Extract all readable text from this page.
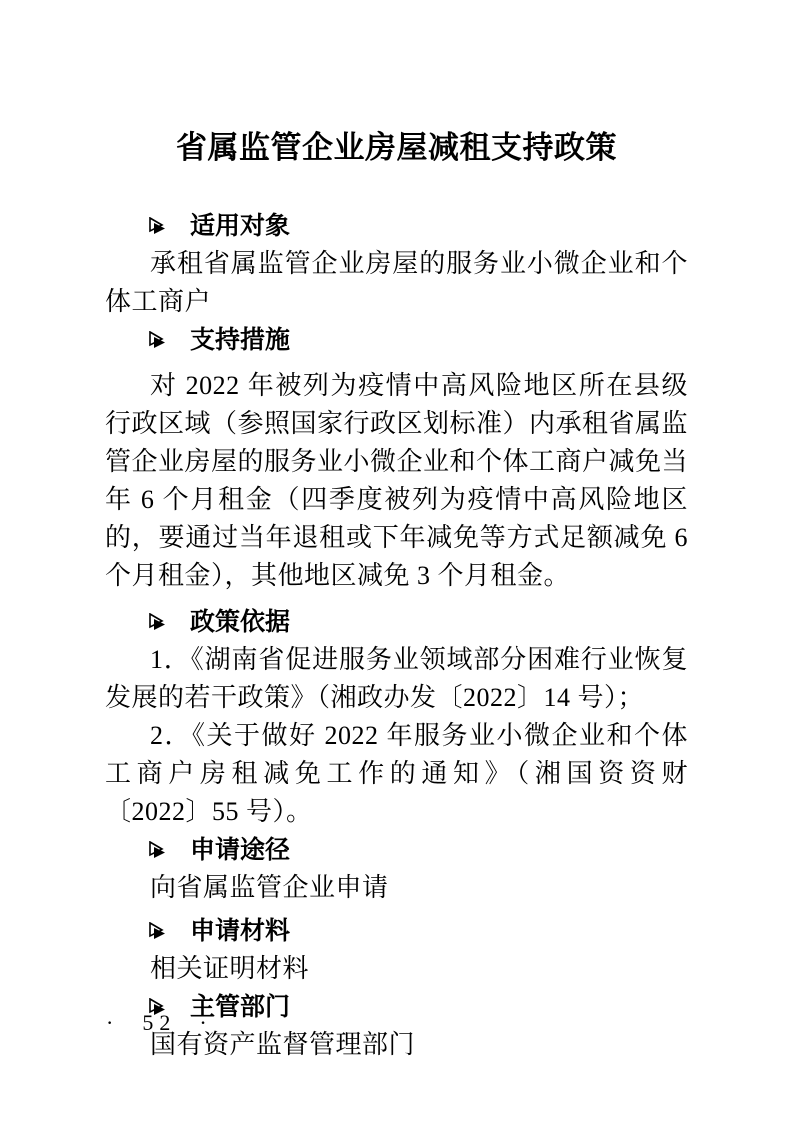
省属监管企业房屋减租支持政策
适用对象

承租省属监管企业房屋的服务业小微企业和个体工商户

支持措施

对 2022 年被列为疫情中高风险地区所在县级行政区域（参照国家行政区划标准）内承租省属监管企业房屋的服务业小微企业和个体工商户减免当年 6 个月租金（四季度被列为疫情中高风险地区的，要通过当年退租或下年减免等方式足额减免 6 个月租金），其他地区减免 3 个月租金。

政策依据

1．《湖南省促进服务业领域部分困难行业恢复发展的若干政策》（湘政办发〔2022〕14 号）；

2．《关于做好 2022 年服务业小微企业和个体工商户房租减免工作的通知》（湘国资资财〔2022〕55 号）。

申请途径

向省属监管企业申请

申请材料

相关证明材料

主管部门

国有资产监督管理部门

·  52  ·
